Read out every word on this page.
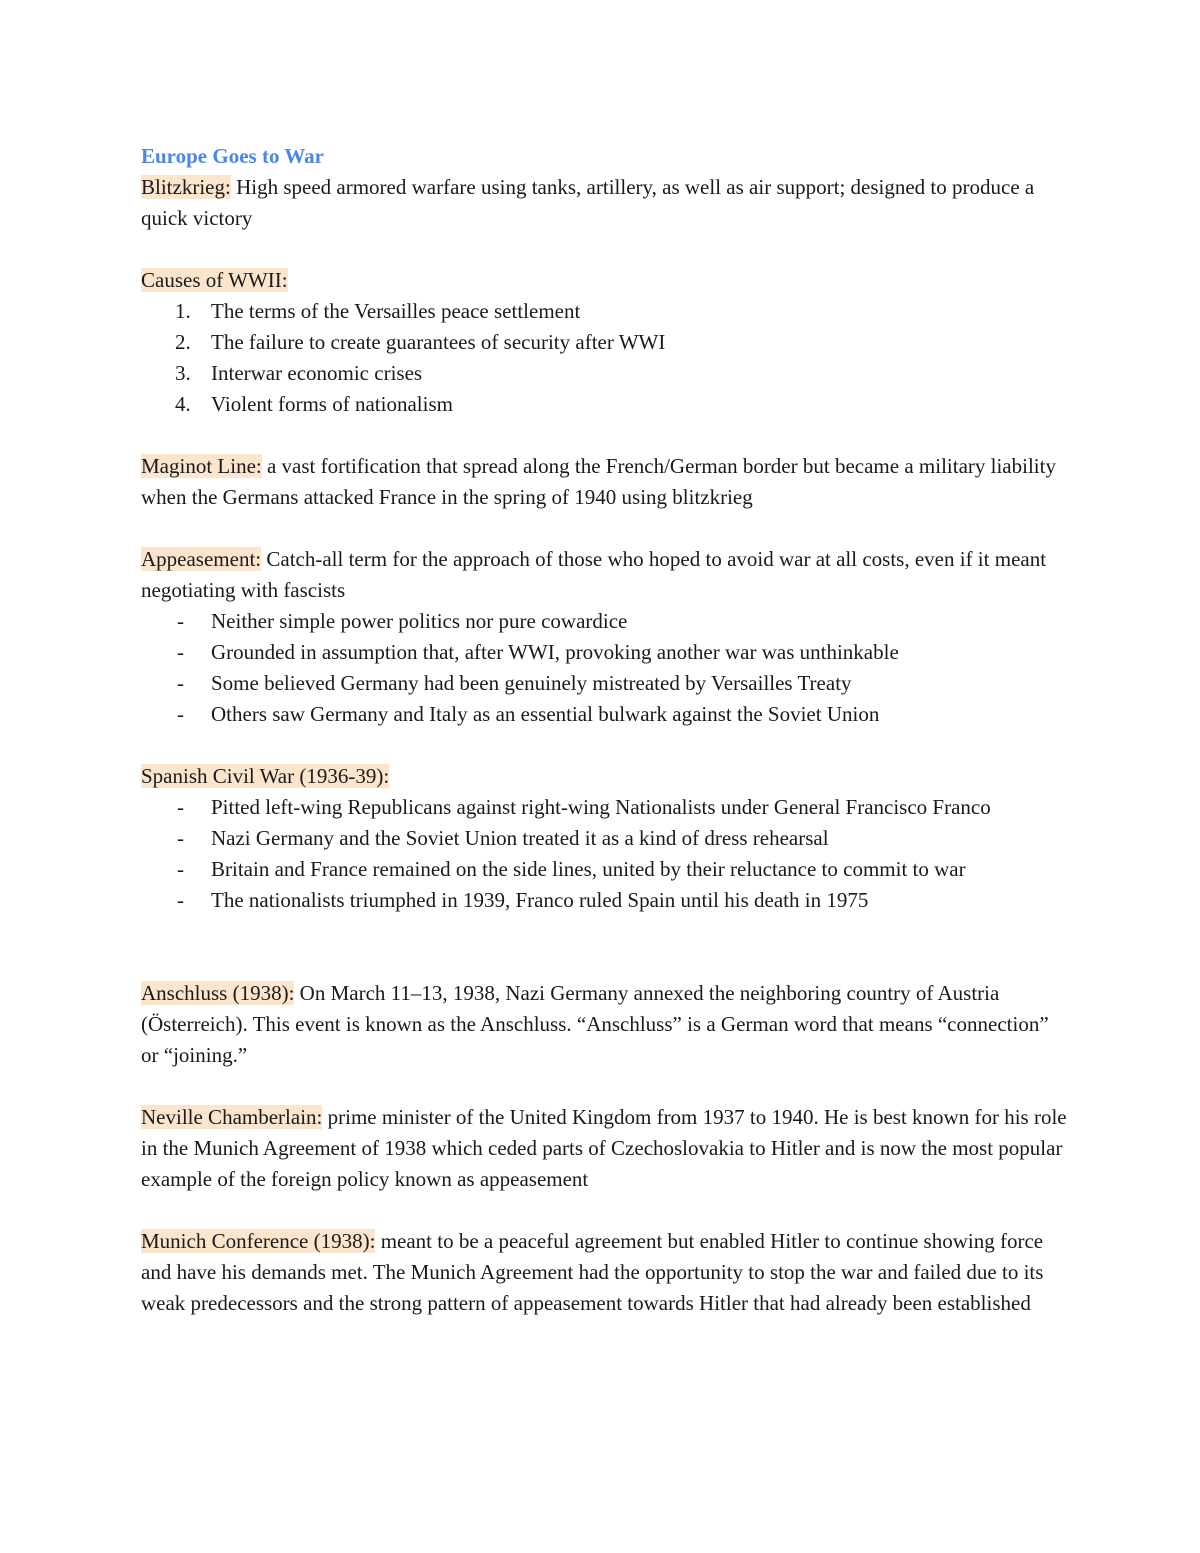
Europe Goes to War

Blitzkrieg: High speed armored warfare using tanks, artillery, as well as air support; designed to produce a quick victory

Causes of WWII:

1. The terms of the Versailles peace settlement
2. The failure to create guarantees of security after WWI
3. Interwar economic crises
4. Violent forms of nationalism

Maginot Line: a vast fortification that spread along the French/German border but became a military liability when the Germans attacked France in the spring of 1940 using blitzkrieg

Appeasement: Catch-all term for the approach of those who hoped to avoid war at all costs, even if it meant negotiating with fascists

- Neither simple power politics nor pure cowardice
- Grounded in assumption that, after WWI, provoking another war was unthinkable
- Some believed Germany had been genuinely mistreated by Versailles Treaty
- Others saw Germany and Italy as an essential bulwark against the Soviet Union

Spanish Civil War (1936-39):

- Pitted left-wing Republicans against right-wing Nationalists under General Francisco Franco
- Nazi Germany and the Soviet Union treated it as a kind of dress rehearsal
- Britain and France remained on the side lines, united by their reluctance to commit to war
- The nationalists triumphed in 1939, Franco ruled Spain until his death in 1975

Anschluss (1938): On March 11–13, 1938, Nazi Germany annexed the neighboring country of Austria (Österreich). This event is known as the Anschluss. “Anschluss” is a German word that means “connection” or “joining.”

Neville Chamberlain: prime minister of the United Kingdom from 1937 to 1940. He is best known for his role in the Munich Agreement of 1938 which ceded parts of Czechoslovakia to Hitler and is now the most popular example of the foreign policy known as appeasement

Munich Conference (1938): meant to be a peaceful agreement but enabled Hitler to continue showing force and have his demands met. The Munich Agreement had the opportunity to stop the war and failed due to its weak predecessors and the strong pattern of appeasement towards Hitler that had already been established
